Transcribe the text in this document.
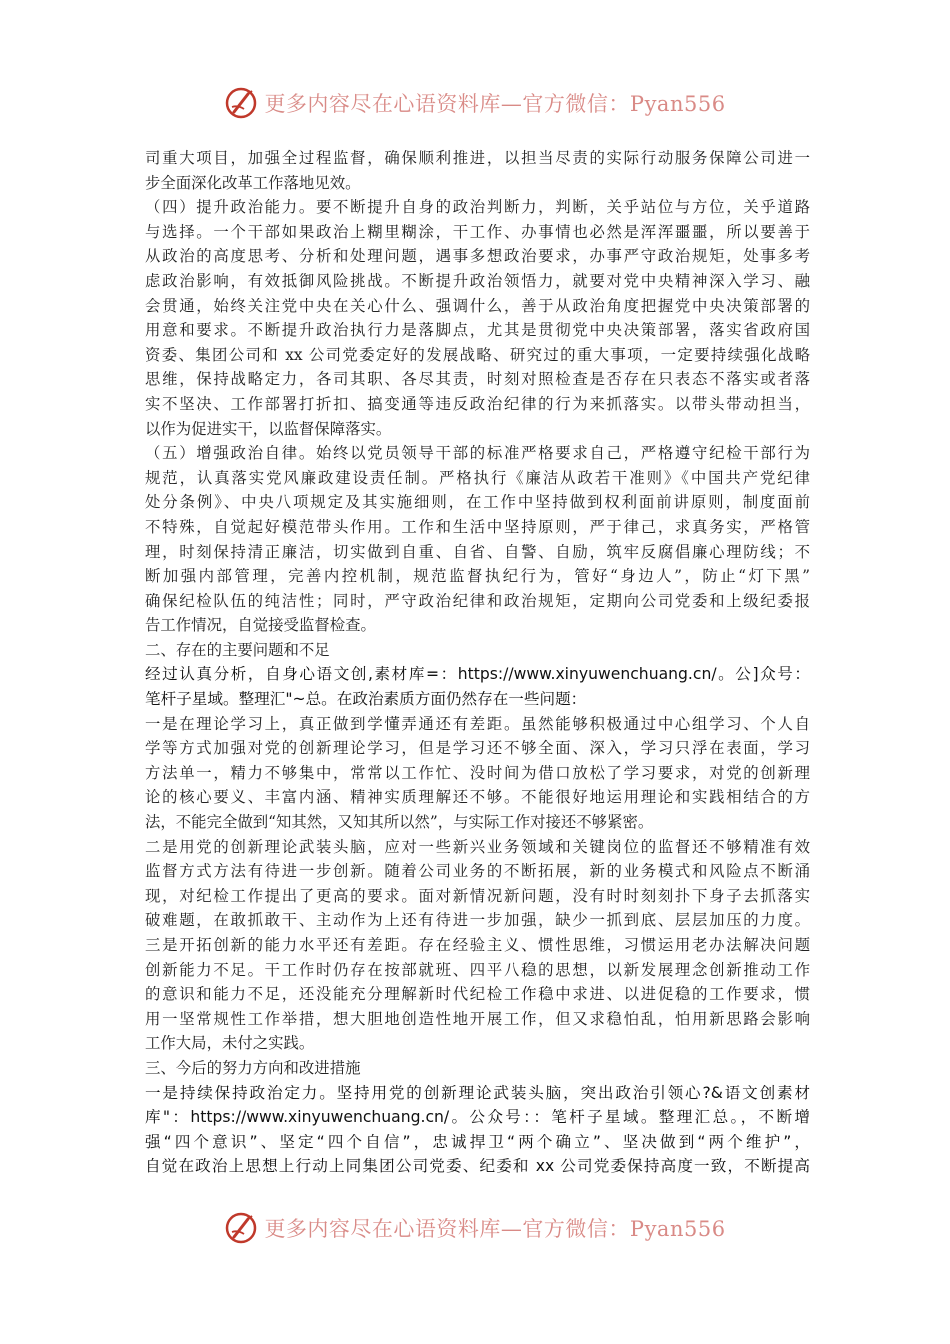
更多内容尽在心语资料库—官方微信：Pyan556
司重大项目，加强全过程监督，确保顺利推进，以担当尽责的实际行动服务保障公司进一
步全面深化改革工作落地见效。
（四）提升政治能力。要不断提升自身的政治判断力，判断，关乎站位与方位，关乎道路
与选择。一个干部如果政治上糊里糊涂，干工作、办事情也必然是浑浑噩噩，所以要善于
从政治的高度思考、分析和处理问题，遇事多想政治要求，办事严守政治规矩，处事多考
虑政治影响，有效抵御风险挑战。不断提升政治领悟力，就要对党中央精神深入学习、融
会贯通，始终关注党中央在关心什么、强调什么，善于从政治角度把握党中央决策部署的
用意和要求。不断提升政治执行力是落脚点，尤其是贯彻党中央决策部署，落实省政府国
资委、集团公司和 xx 公司党委定好的发展战略、研究过的重大事项，一定要持续强化战略
思维，保持战略定力，各司其职、各尽其责，时刻对照检查是否存在只表态不落实或者落
实不坚决、工作部署打折扣、搞变通等违反政治纪律的行为来抓落实。以带头带动担当，
以作为促进实干，以监督保障落实。
（五）增强政治自律。始终以党员领导干部的标准严格要求自己，严格遵守纪检干部行为
规范，认真落实党风廉政建设责任制。严格执行《廉洁从政若干准则》《中国共产党纪律
处分条例》、中央八项规定及其实施细则，在工作中坚持做到权利面前讲原则，制度面前
不特殊，自觉起好模范带头作用。工作和生活中坚持原则，严于律己，求真务实，严格管
理，时刻保持清正廉洁，切实做到自重、自省、自警、自励，筑牢反腐倡廉心理防线；不
断加强内部管理，完善内控机制，规范监督执纪行为，管好“身边人”，防止“灯下黑”
确保纪检队伍的纯洁性；同时，严守政治纪律和政治规矩，定期向公司党委和上级纪委报
告工作情况，自觉接受监督检查。
二、存在的主要问题和不足
经过认真分析，自身心语文创,素材库=：https://www.xinyuwenchuang.cn/。公]众号：
笔杆子星域。整理汇"~总。在政治素质方面仍然存在一些问题：
一是在理论学习上，真正做到学懂弄通还有差距。虽然能够积极通过中心组学习、个人自
学等方式加强对党的创新理论学习，但是学习还不够全面、深入，学习只浮在表面，学习
方法单一，精力不够集中，常常以工作忙、没时间为借口放松了学习要求，对党的创新理
论的核心要义、丰富内涵、精神实质理解还不够。不能很好地运用理论和实践相结合的方
法，不能完全做到“知其然，又知其所以然”，与实际工作对接还不够紧密。
二是用党的创新理论武装头脑，应对一些新兴业务领域和关键岗位的监督还不够精准有效
监督方式方法有待进一步创新。随着公司业务的不断拓展，新的业务模式和风险点不断涌
现，对纪检工作提出了更高的要求。面对新情况新问题，没有时时刻刻扑下身子去抓落实
破难题，在敢抓敢干、主动作为上还有待进一步加强，缺少一抓到底、层层加压的力度。
三是开拓创新的能力水平还有差距。存在经验主义、惯性思维，习惯运用老办法解决问题
创新能力不足。干工作时仍存在按部就班、四平八稳的思想，以新发展理念创新推动工作
的意识和能力不足，还没能充分理解新时代纪检工作稳中求进、以进促稳的工作要求，惯
用一坚常规性工作举措，想大胆地创造性地开展工作，但又求稳怕乱，怕用新思路会影响
工作大局，未付之实践。
三、今后的努力方向和改进措施
一是持续保持政治定力。坚持用党的创新理论武装头脑，突出政治引领心?&语文创素材
库"：https://www.xinyuwenchuang.cn/。公众号：：笔杆子星域。整理汇总。，不断增
强“四个意识”、坚定“四个自信”，忠诚捍卫“两个确立”、坚决做到“两个维护”，
自觉在政治上思想上行动上同集团公司党委、纪委和 xx 公司党委保持高度一致，不断提高
更多内容尽在心语资料库—官方微信：Pyan556
